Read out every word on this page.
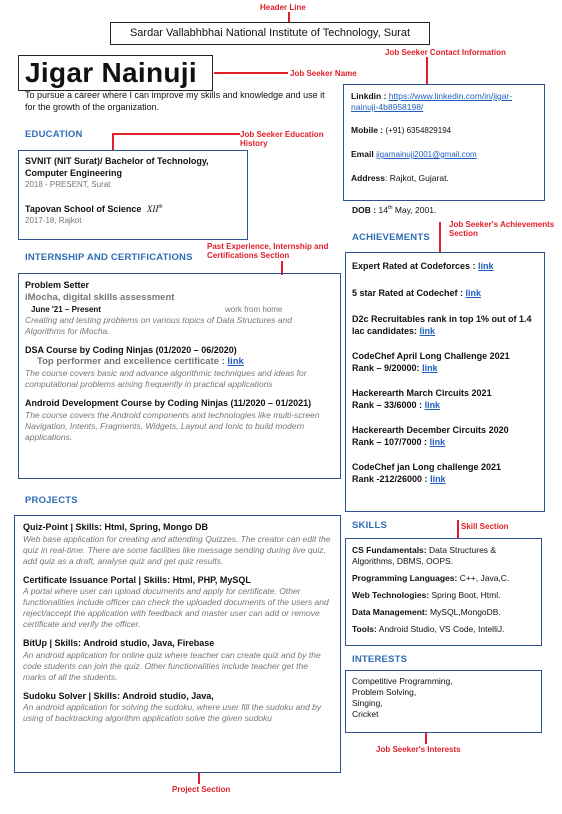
Header Line
Job Seeker Contact Information
Job Seeker Name
Job Seeker Education History
Job Seeker's Achievements Section
Past Experience, Internship and Certifications Section
Skill Section
Job Seeker's Interests
Project Section
Sardar Vallabhbhai National Institute of Technology, Surat
Jigar Nainuji
To pursue a career where I can improve my skills and knowledge and use it for the growth of the organization.
Linkdin : https://www.linkedin.com/in/jigar-nainuji-4b8958198/
Mobile : (+91) 6354829194
Email jigarnainuji2001@gmail.com
Address: Rajkot, Gujarat.
DOB : 14th May, 2001.
EDUCATION
SVNIT (NIT Surat)/ Bachelor of Technology, Computer Engineering
2018 - PRESENT, Surat
Tapovan School of Science XIIth
2017-18, Rajkot
INTERNSHIP AND CERTIFICATIONS
Problem Setter
iMocha, digital skills assessment
June '21 – Present	work from home
Creating and testing problems on various topics of Data Structures and Algorithms for iMocha.
DSA Course by Coding Ninjas (01/2020 – 06/2020)
Top performer and excellence certificate : link
The course covers basic and advance algorithmic techniques and ideas for computational problems arising frequently in practical applications
Android Development Course by Coding Ninjas (11/2020 – 01/2021)
The course covers the Android components and technologies like multi-screen Navigation, Intents, Fragments, Widgets, Layout and Ionic to build modern applications.
PROJECTS
Quiz-Point | Skills: Html, Spring, Mongo DB
Web base application for creating and attending Quizzes. The creator can edit the quiz in real-time. There are some facilities like message sending during live quiz, add quiz as a draft, analyse quiz and get quiz results.
Certificate Issuance Portal | Skills: Html, PHP, MySQL
A portal where user can upload documents and apply for certificate. Other functionalities include officer can check the uploaded documents of the users and reject/accept the application with feedback and master user can add or remove certificate and verify the officer.
BitUp | Skills: Android studio, Java, Firebase
An android application for online quiz where teacher can create quiz and by the code students can join the quiz. Other functionalities include teacher get the marks of all the students.
Sudoku Solver | Skills: Android studio, Java,
An android application for solving the sudoku, where user fill the sudoku and by using of backtracking algorithm application solve the given sudoku
ACHIEVEMENTS
Expert Rated at Codeforces : link
5 star Rated at Codechef : link
D2c Recruitables rank in top 1% out of 1.4 lac candidates: link
CodeChef April Long Challenge 2021
Rank – 9/20000: link
Hackerearth March Circuits 2021
Rank – 33/6000 : link
Hackerearth December Circuits 2020
Rank – 107/7000 : link
CodeChef jan Long challenge 2021
Rank -212/26000 : link
SKILLS
CS Fundamentals: Data Structures & Algorithms, DBMS, OOPS.
Programming Languages: C++, Java,C.
Web Technologies: Spring Boot, Html.
Data Management: MySQL,MongoDB.
Tools: Android Studio, VS Code, IntelliJ.
INTERESTS
Competitive Programming,
Problem Solving,
Singing,
Cricket
